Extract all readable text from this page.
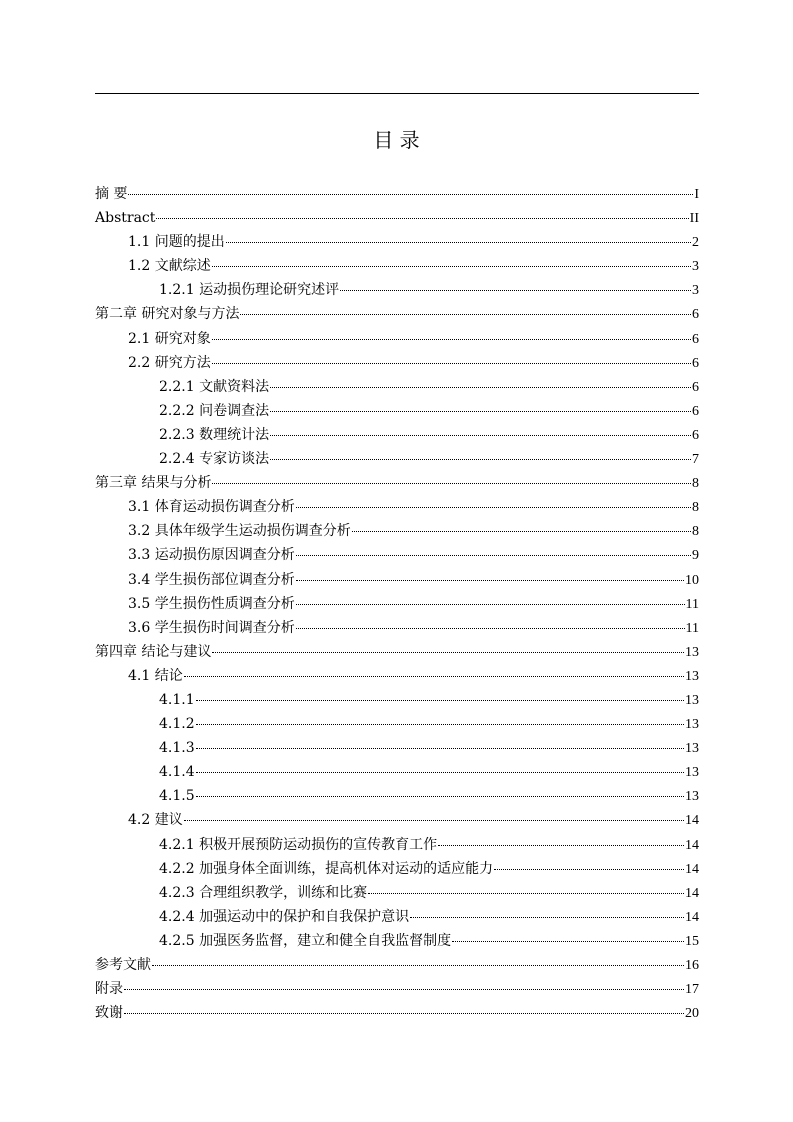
目 录
摘 要	I
Abstract	II
1.1 问题的提出	2
1.2 文献综述	3
1.2.1 运动损伤理论研究述评	3
第二章 研究对象与方法	6
2.1 研究对象	6
2.2 研究方法	6
2.2.1 文献资料法	6
2.2.2 问卷调查法	6
2.2.3 数理统计法	6
2.2.4 专家访谈法	7
第三章 结果与分析	8
3.1 体育运动损伤调查分析	8
3.2 具体年级学生运动损伤调查分析	8
3.3 运动损伤原因调查分析	9
3.4 学生损伤部位调查分析	10
3.5 学生损伤性质调查分析	11
3.6 学生损伤时间调查分析	11
第四章 结论与建议	13
4.1 结论	13
4.1.1	13
4.1.2	13
4.1.3	13
4.1.4	13
4.1.5	13
4.2 建议	14
4.2.1 积极开展预防运动损伤的宣传教育工作	14
4.2.2 加强身体全面训练，提高机体对运动的适应能力	14
4.2.3 合理组织教学，训练和比赛	14
4.2.4 加强运动中的保护和自我保护意识	14
4.2.5 加强医务监督，建立和健全自我监督制度	15
参考文献	16
附录	17
致谢	20
